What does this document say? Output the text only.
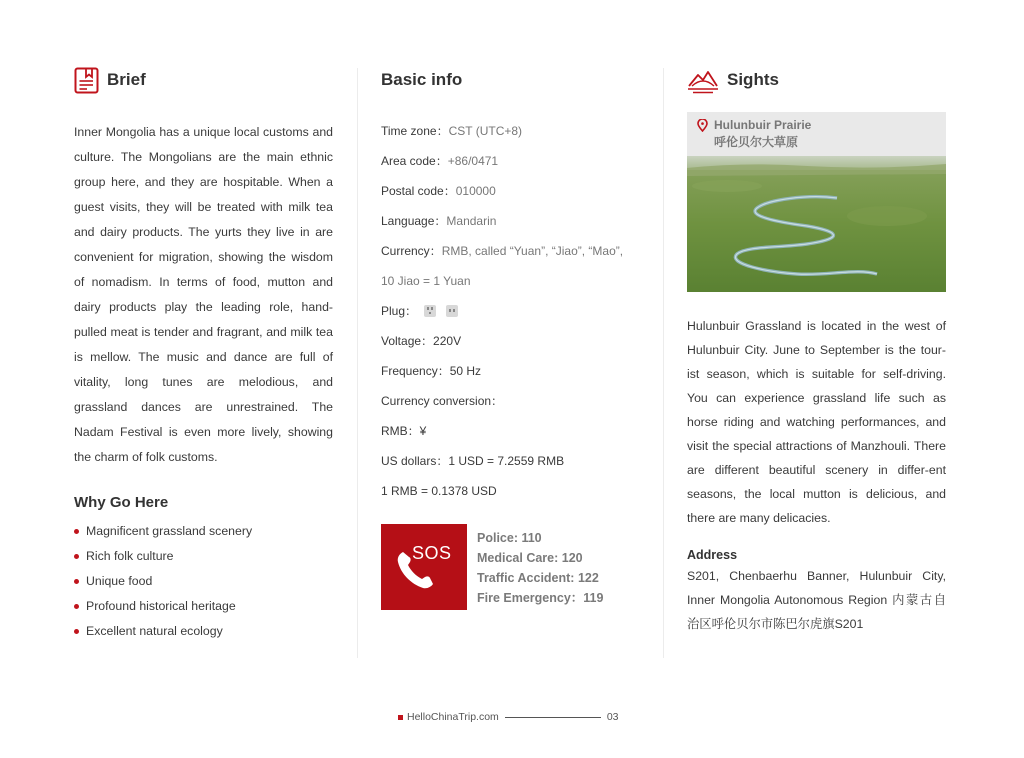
Brief

Inner Mongolia has a unique local customs and culture. The Mongolians are the main ethnic group here, and they are hospitable. When a guest visits, they will be treated with milk tea and dairy products. The yurts they live in are convenient for migration, showing the wisdom of nomadism. In terms of food, mutton and dairy products play the leading role, hand-pulled meat is tender and fragrant, and milk tea is mellow. The music and dance are full of vitality, long tunes are melodious, and grassland dances are unrestrained. The Nadam Festival is even more lively, showing the charm of folk customs.

Why Go Here
Magnificent grassland scenery
Rich folk culture
Unique food
Profound historical heritage
Excellent natural ecology
Basic info
Time zone：CST (UTC+8)
Area code：+86/0471
Postal code：010000
Language：Mandarin
Currency：RMB, called “Yuan”, “Jiao”, “Mao”,
10 Jiao = 1 Yuan
Plug：

Voltage：220V
Frequency：50 Hz
Currency conversion：
RMB：¥
US dollars：1 USD = 7.2559 RMB
1 RMB = 0.1378 USD
SOS
Police: 110
Medical Care: 120
Traffic Accident: 122
Fire Emergency：119
Sights
Hulunbuir Prairie
呼伦贝尔大草原

Hulunbuir Grassland is located in the west of Hulunbuir City. June to September is the tour-ist season, which is suitable for self-driving. You can experience grassland life such as horse riding and watching performances, and visit the special attractions of Manzhouli. There are different beautiful scenery in differ-ent seasons, the local mutton is delicious, and there are many delicacies.

Address

S201, Chenbaerhu Banner, Hulunbuir City, Inner Mongolia Autonomous Region 内蒙古自治区呼伦贝尔市陈巴尔虎旗S201

HelloChinaTrip.com	03
